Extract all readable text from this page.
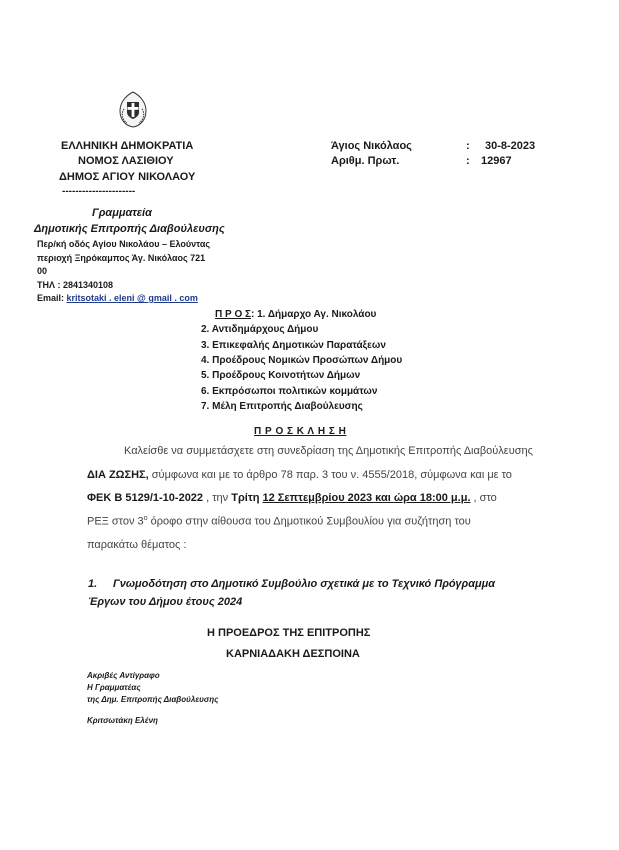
ΕΛΛΗΝΙΚΗ ΔΗΜΟΚΡΑΤΙΑ
ΝΟΜΟΣ ΛΑΣΙΘΙΟΥ
ΔΗΜΟΣ ΑΓΙΟΥ ΝΙΚΟΛΑΟΥ
----------------------
Άγιος Νικόλαος	: 30-8-2023
Αριθμ. Πρωτ.	: 12967
Γραμματεία
Δημοτικής Επιτροπής Διαβούλευσης
Περ/κή οδός Αγίου Νικολάου – Ελούντας
περιοχή Ξηρόκαμπος Άγ. Νικόλαος 721
00
ΤΗΛ : 2841340108
Email: kritsotaki . eleni @ gmail . com
Π Ρ Ο Σ: 1. Δήμαρχο Αγ. Νικολάου
2. Αντιδημάρχους Δήμου
3. Επικεφαλής Δημοτικών Παρατάξεων
4. Προέδρους Νομικών Προσώπων Δήμου
5. Προέδρους Κοινοτήτων Δήμων
6. Εκπρόσωποι πολιτικών κομμάτων
7. Μέλη Επιτροπής Διαβούλευσης
Π Ρ Ο Σ Κ Λ Η Σ Η
Καλείσθε να συμμετάσχετε στη συνεδρίαση της Δημοτικής Επιτροπής Διαβούλευσης
ΔΙΑ ΖΩΣΗΣ, σύμφωνα και με το άρθρο 78 παρ. 3 του ν. 4555/2018, σύμφωνα και με το
ΦΕΚ Β 5129/1-10-2022 , την Τρίτη 12 Σεπτεμβρίου 2023 και ώρα 18:00 μ.μ. , στο
ΡΕΞ στον $3^o$ όροφο στην αίθουσα του Δημοτικού Συμβουλίου για συζήτηση του
παρακάτω θέματος :
1. Γνωμοδότηση στο Δημοτικό Συμβούλιο σχετικά με το Τεχνικό Πρόγραμμα
Έργων του Δήμου έτους 2024
Η ΠΡΟΕΔΡΟΣ ΤΗΣ ΕΠΙΤΡΟΠΗΣ
ΚΑΡΝΙΑΔΑΚΗ ΔΕΣΠΟΙΝΑ
Ακριβές Αντίγραφο
Η Γραμματέας
της Δημ. Επιτροπής Διαβούλευσης
Κριτσωτάκη Ελένη
